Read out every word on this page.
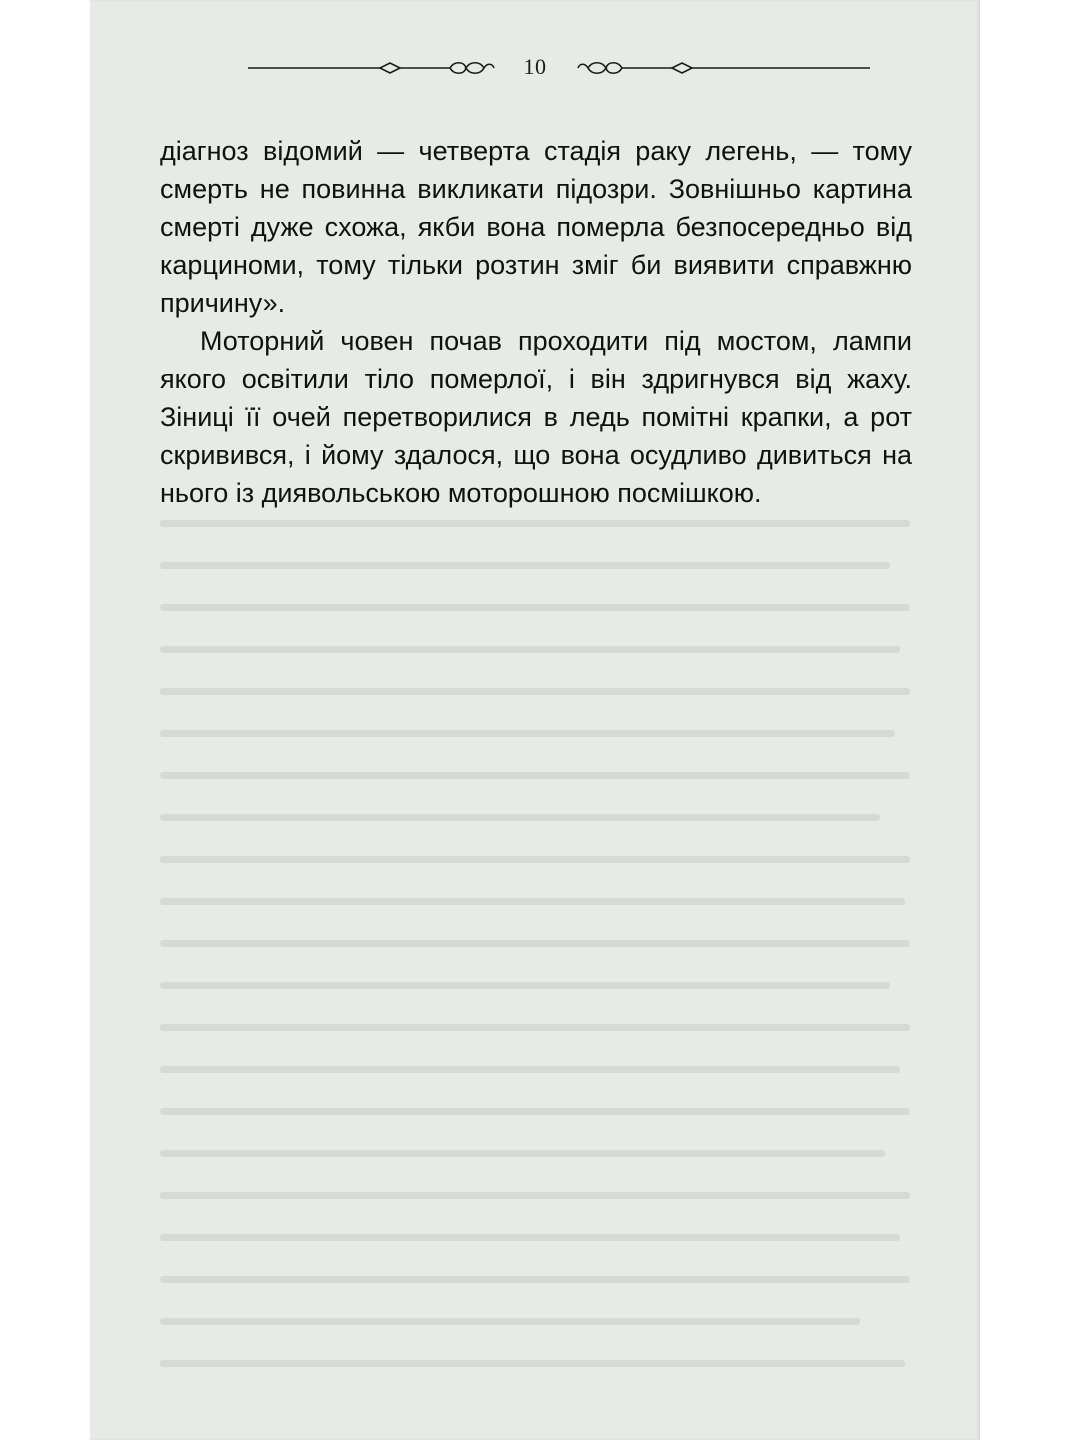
10

діагноз відомий — четверта стадія раку легень, — тому смерть не повинна викликати підозри. Зовнішньо картина смерті дуже схожа, якби вона померла безпосередньо від карциноми, тому тільки розтин зміг би виявити справжню причину».

Моторний човен почав проходити під мостом, лампи якого освітили тіло померлої, і він здригнувся від жаху. Зіниці її очей перетворилися в ледь помітні крапки, а рот скривився, і йому здалося, що вона осудливо дивиться на нього із диявольською моторошною посмішкою.
